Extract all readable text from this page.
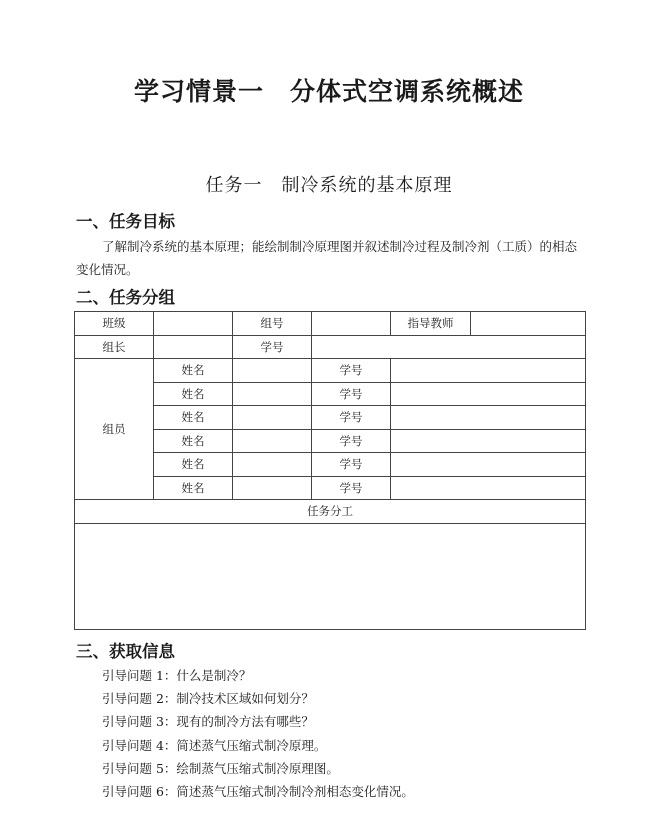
学习情景一　分体式空调系统概述
任务一　制冷系统的基本原理
一、任务目标
了解制冷系统的基本原理；能绘制制冷原理图并叙述制冷过程及制冷剂（工质）的相态变化情况。
二、任务分组
班级		组号		指导教师	
组长		学号			
组员	姓名		学号		
	姓名		学号		
	姓名		学号		
	姓名		学号		
	姓名		学号		
	姓名		学号		
任务分工					

三、获取信息
引导问题 1：什么是制冷？
引导问题 2：制冷技术区域如何划分？
引导问题 3：现有的制冷方法有哪些？
引导问题 4：简述蒸气压缩式制冷原理。
引导问题 5：绘制蒸气压缩式制冷原理图。
引导问题 6：简述蒸气压缩式制冷制冷剂相态变化情况。
